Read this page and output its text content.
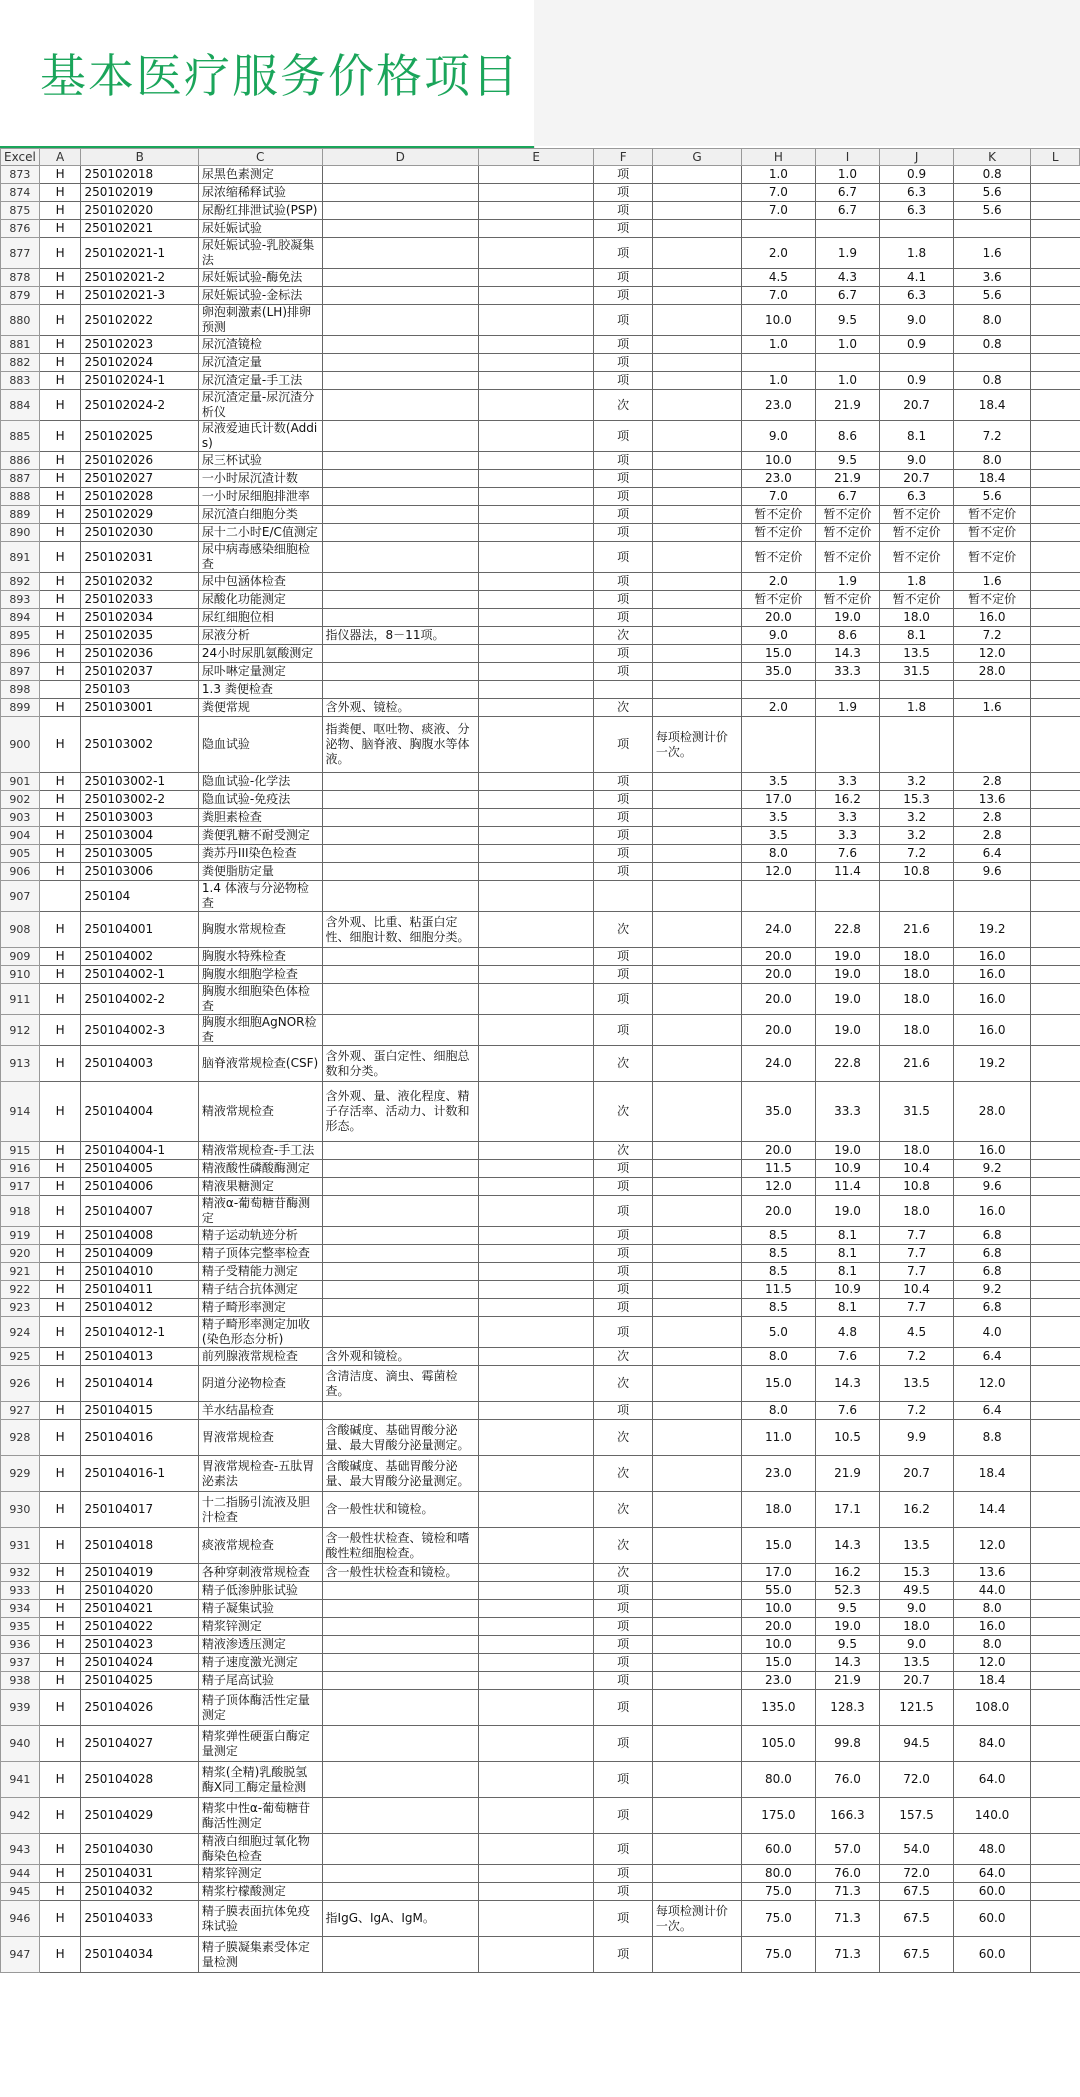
基本医疗服务价格项目
Excel	A	B	C	D	E	F	G	H	I	J	K	L
873	H	250102018	尿黑色素测定			项		1.0	1.0	0.9	0.8	
874	H	250102019	尿浓缩稀释试验			项		7.0	6.7	6.3	5.6	
875	H	250102020	尿酚红排泄试验(PSP)			项		7.0	6.7	6.3	5.6	
876	H	250102021	尿妊娠试验			项						
877	H	250102021-1	尿妊娠试验-乳胶凝集法			项		2.0	1.9	1.8	1.6	
878	H	250102021-2	尿妊娠试验-酶免法			项		4.5	4.3	4.1	3.6	
879	H	250102021-3	尿妊娠试验-金标法			项		7.0	6.7	6.3	5.6	
880	H	250102022	卵泡刺激素(LH)排卵预测			项		10.0	9.5	9.0	8.0	
881	H	250102023	尿沉渣镜检			项		1.0	1.0	0.9	0.8	
882	H	250102024	尿沉渣定量			项						
883	H	250102024-1	尿沉渣定量-手工法			项		1.0	1.0	0.9	0.8	
884	H	250102024-2	尿沉渣定量-尿沉渣分析仪			次		23.0	21.9	20.7	18.4	
885	H	250102025	尿液爱迪氏计数(Addis)			项		9.0	8.6	8.1	7.2	
886	H	250102026	尿三杯试验			项		10.0	9.5	9.0	8.0	
887	H	250102027	一小时尿沉渣计数			项		23.0	21.9	20.7	18.4	
888	H	250102028	一小时尿细胞排泄率			项		7.0	6.7	6.3	5.6	
889	H	250102029	尿沉渣白细胞分类			项		暂不定价	暂不定价	暂不定价	暂不定价	
890	H	250102030	尿十二小时E/C值测定			项		暂不定价	暂不定价	暂不定价	暂不定价	
891	H	250102031	尿中病毒感染细胞检查			项		暂不定价	暂不定价	暂不定价	暂不定价	
892	H	250102032	尿中包涵体检查			项		2.0	1.9	1.8	1.6	
893	H	250102033	尿酸化功能测定			项		暂不定价	暂不定价	暂不定价	暂不定价	
894	H	250102034	尿红细胞位相			项		20.0	19.0	18.0	16.0	
895	H	250102035	尿液分析	指仪器法，8－11项。		次		9.0	8.6	8.1	7.2	
896	H	250102036	24小时尿肌氨酸测定			项		15.0	14.3	13.5	12.0	
897	H	250102037	尿卟啉定量测定			项		35.0	33.3	31.5	28.0	
898		250103	1.3 粪便检查									
899	H	250103001	粪便常规	含外观、镜检。		次		2.0	1.9	1.8	1.6	
900	H	250103002	隐血试验	指粪便、呕吐物、痰液、分泌物、脑脊液、胸腹水等体液。		项	每项检测计价一次。					
901	H	250103002-1	隐血试验-化学法			项		3.5	3.3	3.2	2.8	
902	H	250103002-2	隐血试验-免疫法			项		17.0	16.2	15.3	13.6	
903	H	250103003	粪胆素检查			项		3.5	3.3	3.2	2.8	
904	H	250103004	粪便乳糖不耐受测定			项		3.5	3.3	3.2	2.8	
905	H	250103005	粪苏丹III染色检查			项		8.0	7.6	7.2	6.4	
906	H	250103006	粪便脂肪定量			项		12.0	11.4	10.8	9.6	
907		250104	1.4 体液与分泌物检查									
908	H	250104001	胸腹水常规检查	含外观、比重、粘蛋白定性、细胞计数、细胞分类。		次		24.0	22.8	21.6	19.2	
909	H	250104002	胸腹水特殊检查			项		20.0	19.0	18.0	16.0	
910	H	250104002-1	胸腹水细胞学检查			项		20.0	19.0	18.0	16.0	
911	H	250104002-2	胸腹水细胞染色体检查			项		20.0	19.0	18.0	16.0	
912	H	250104002-3	胸腹水细胞AgNOR检查			项		20.0	19.0	18.0	16.0	
913	H	250104003	脑脊液常规检查(CSF)	含外观、蛋白定性、细胞总数和分类。		次		24.0	22.8	21.6	19.2	
914	H	250104004	精液常规检查	含外观、量、液化程度、精子存活率、活动力、计数和形态。		次		35.0	33.3	31.5	28.0	
915	H	250104004-1	精液常规检查-手工法			次		20.0	19.0	18.0	16.0	
916	H	250104005	精液酸性磷酸酶测定			项		11.5	10.9	10.4	9.2	
917	H	250104006	精液果糖测定			项		12.0	11.4	10.8	9.6	
918	H	250104007	精液α-葡萄糖苷酶测定			项		20.0	19.0	18.0	16.0	
919	H	250104008	精子运动轨迹分析			项		8.5	8.1	7.7	6.8	
920	H	250104009	精子顶体完整率检查			项		8.5	8.1	7.7	6.8	
921	H	250104010	精子受精能力测定			项		8.5	8.1	7.7	6.8	
922	H	250104011	精子结合抗体测定			项		11.5	10.9	10.4	9.2	
923	H	250104012	精子畸形率测定			项		8.5	8.1	7.7	6.8	
924	H	250104012-1	精子畸形率测定加收(染色形态分析)			项		5.0	4.8	4.5	4.0	
925	H	250104013	前列腺液常规检查	含外观和镜检。		次		8.0	7.6	7.2	6.4	
926	H	250104014	阴道分泌物检查	含清洁度、滴虫、霉菌检查。		次		15.0	14.3	13.5	12.0	
927	H	250104015	羊水结晶检查			项		8.0	7.6	7.2	6.4	
928	H	250104016	胃液常规检查	含酸碱度、基础胃酸分泌量、最大胃酸分泌量测定。		次		11.0	10.5	9.9	8.8	
929	H	250104016-1	胃液常规检查-五肽胃泌素法	含酸碱度、基础胃酸分泌量、最大胃酸分泌量测定。		次		23.0	21.9	20.7	18.4	
930	H	250104017	十二指肠引流液及胆汁检查	含一般性状和镜检。		次		18.0	17.1	16.2	14.4	
931	H	250104018	痰液常规检查	含一般性状检查、镜检和嗜酸性粒细胞检查。		次		15.0	14.3	13.5	12.0	
932	H	250104019	各种穿刺液常规检查	含一般性状检查和镜检。		次		17.0	16.2	15.3	13.6	
933	H	250104020	精子低渗肿胀试验			项		55.0	52.3	49.5	44.0	
934	H	250104021	精子凝集试验			项		10.0	9.5	9.0	8.0	
935	H	250104022	精浆锌测定			项		20.0	19.0	18.0	16.0	
936	H	250104023	精液渗透压测定			项		10.0	9.5	9.0	8.0	
937	H	250104024	精子速度激光测定			项		15.0	14.3	13.5	12.0	
938	H	250104025	精子尾高试验			项		23.0	21.9	20.7	18.4	
939	H	250104026	精子顶体酶活性定量测定			项		135.0	128.3	121.5	108.0	
940	H	250104027	精浆弹性硬蛋白酶定量测定			项		105.0	99.8	94.5	84.0	
941	H	250104028	精浆(全精)乳酸脱氢酶X同工酶定量检测			项		80.0	76.0	72.0	64.0	
942	H	250104029	精浆中性α-葡萄糖苷酶活性测定			项		175.0	166.3	157.5	140.0	
943	H	250104030	精液白细胞过氧化物酶染色检查			项		60.0	57.0	54.0	48.0	
944	H	250104031	精浆锌测定			项		80.0	76.0	72.0	64.0	
945	H	250104032	精浆柠檬酸测定			项		75.0	71.3	67.5	60.0	
946	H	250104033	精子膜表面抗体免疫珠试验	指IgG、IgA、IgM。		项	每项检测计价一次。	75.0	71.3	67.5	60.0	
947	H	250104034	精子膜凝集素受体定量检测			项		75.0	71.3	67.5	60.0	
